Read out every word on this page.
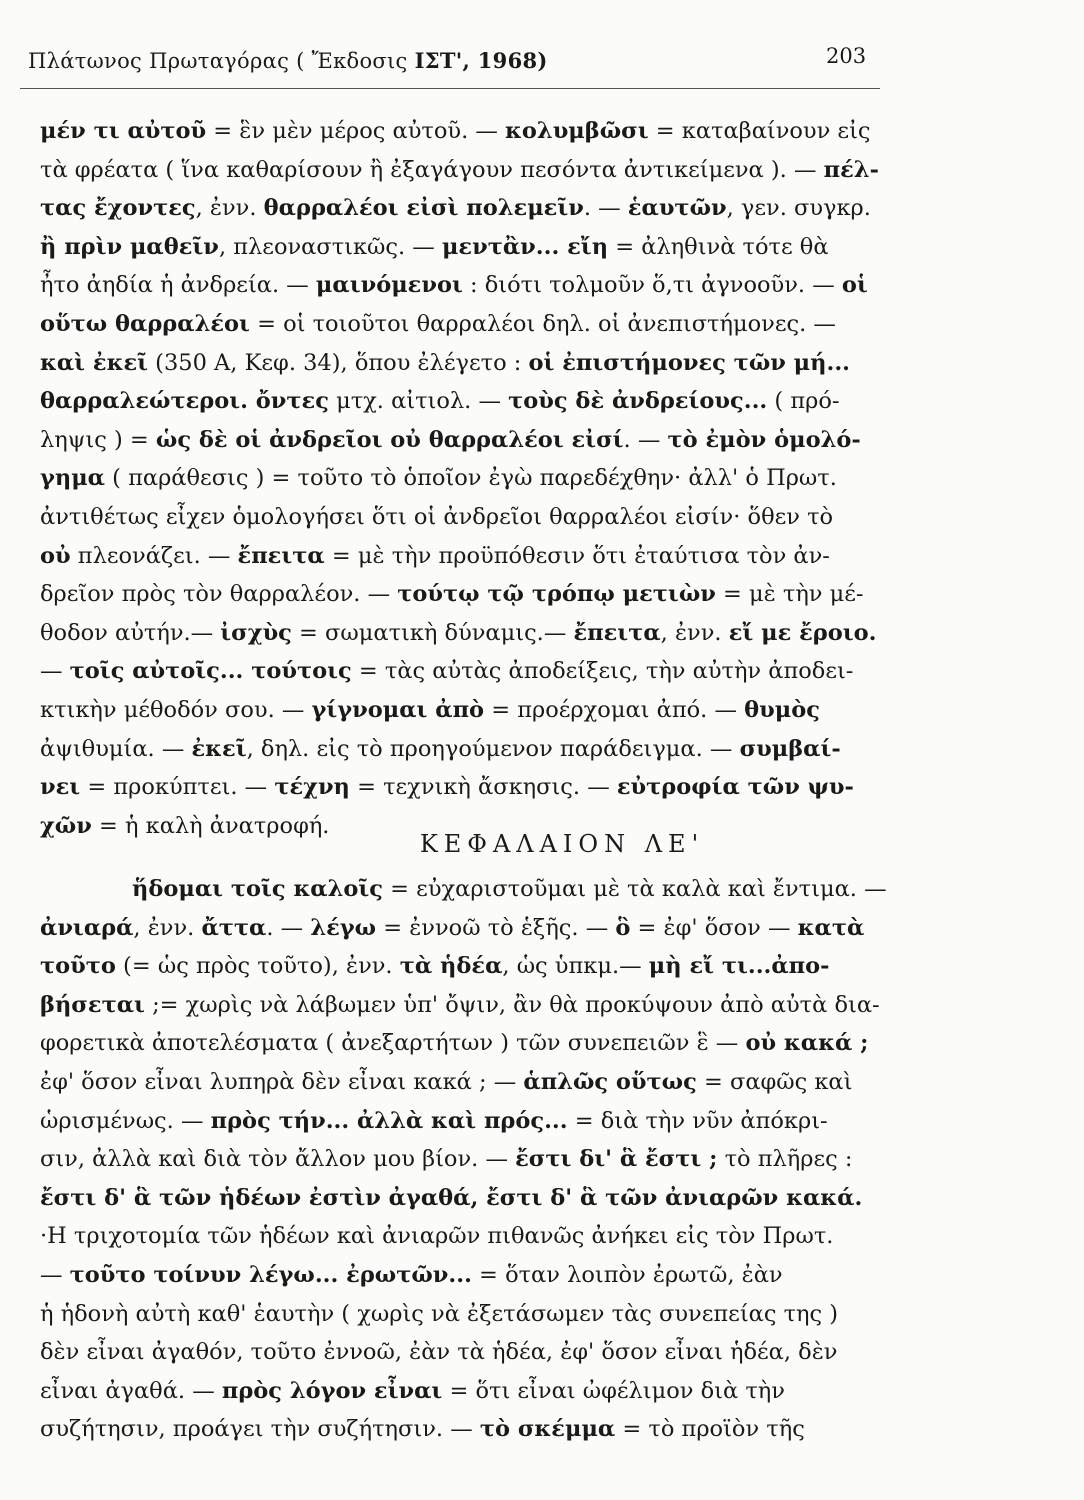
Πλάτωνος Πρωταγόρας ( Ἔκδοσις ΙΣΤ', 1968)	203
μέν τι αὐτοῦ = ἓν μὲν μέρος αὐτοῦ. — κολυμβῶσι = καταβαίνουν εἰς
τὰ φρέατα ( ἵνα καθαρίσουν ἢ ἐξαγάγουν πεσόντα ἀντικείμενα ). — πέλ-
τας ἔχοντες, ἐνν. θαρραλέοι εἰσὶ πολεμεῖν. — ἑαυτῶν, γεν. συγκρ.
ἢ πρὶν μαθεῖν, πλεοναστικῶς. — μεντἂν... εἴη = ἀληθινὰ τότε θὰ
ἦτο ἀηδία ἡ ἀνδρεία. — μαινόμενοι : διότι τολμοῦν ὅ,τι ἀγνοοῦν. — οἱ
οὕτω θαρραλέοι = οἱ τοιοῦτοι θαρραλέοι δηλ. οἱ ἀνεπιστήμονες. —
καὶ ἐκεῖ (350 Α, Κεφ. 34), ὅπου ἐλέγετο : οἱ ἐπιστήμονες τῶν μή...
θαρραλεώτεροι. ὄντες μτχ. αἰτιολ. — τοὺς δὲ ἀνδρείους... ( πρό-
ληψις ) = ὡς δὲ οἱ ἀνδρεῖοι οὐ θαρραλέοι εἰσί. — τὸ ἐμὸν ὁμολό-
γημα ( παράθεσις ) = τοῦτο τὸ ὁποῖον ἐγὼ παρεδέχθην· ἀλλ' ὁ Πρωτ.
ἀντιθέτως εἶχεν ὁμολογήσει ὅτι οἱ ἀνδρεῖοι θαρραλέοι εἰσίν· ὅθεν τὸ
οὐ πλεονάζει. — ἔπειτα = μὲ τὴν προϋπόθεσιν ὅτι ἐταύτισα τὸν ἀν-
δρεῖον πρὸς τὸν θαρραλέον. — τούτῳ τῷ τρόπῳ μετιὼν = μὲ τὴν μέ-
θοδον αὐτήν.— ἰσχὺς = σωματικὴ δύναμις.— ἔπειτα, ἐνν. εἴ με ἔροιο.
— τοῖς αὐτοῖς... τούτοις = τὰς αὐτὰς ἀποδείξεις, τὴν αὐτὴν ἀποδει-
κτικὴν μέθοδόν σου. — γίγνομαι ἀπὸ = προέρχομαι ἀπό. — θυμὸς
ἀψιθυμία. — ἐκεῖ, δηλ. εἰς τὸ προηγούμενον παράδειγμα. — συμβαί-
νει = προκύπτει. — τέχνη = τεχνικὴ ἄσκησις. — εὐτροφία τῶν ψυ-
χῶν = ἡ καλὴ ἀνατροφή.
ΚΕΦΑΛΑΙΟΝ ΛΕ'
ἥδομαι τοῖς καλοῖς = εὐχαριστοῦμαι μὲ τὰ καλὰ καὶ ἔντιμα. —
ἀνιαρά, ἐνν. ἄττα. — λέγω = ἐννοῶ τὸ ἑξῆς. — ὃ = ἐφ' ὅσον — κατὰ
τοῦτο (= ὡς πρὸς τοῦτο), ἐνν. τὰ ἡδέα, ὡς ὑπκμ.— μὴ εἴ τι...ἀπο-
βήσεται ;= χωρὶς νὰ λάβωμεν ὑπ' ὄψιν, ἂν θὰ προκύψουν ἀπὸ αὐτὰ δια-
φορετικὰ ἀποτελέσματα ( ἀνεξαρτήτων ) τῶν συνεπειῶν ἓ — οὐ κακά ;
ἐφ' ὅσον εἶναι λυπηρὰ δὲν εἶναι κακά ; — ἁπλῶς οὕτως = σαφῶς καὶ
ὡρισμένως. — πρὸς τήν... ἀλλὰ καὶ πρός... = διὰ τὴν νῦν ἀπόκρι-
σιν, ἀλλὰ καὶ διὰ τὸν ἄλλον μου βίον. — ἔστι δι' ἃ ἔστι ; τὸ πλῆρες :
ἔστι δ' ἃ τῶν ἡδέων ἐστὶν ἀγαθά, ἔστι δ' ἃ τῶν ἀνιαρῶν κακά.
·Η τριχοτομία τῶν ἡδέων καὶ ἀνιαρῶν πιθανῶς ἀνήκει εἰς τὸν Πρωτ.
— τοῦτο τοίνυν λέγω... ἐρωτῶν... = ὅταν λοιπὸν ἐρωτῶ, ἐὰν
ἡ ἡδονὴ αὐτὴ καθ' ἑαυτὴν ( χωρὶς νὰ ἐξετάσωμεν τὰς συνεπείας της )
δὲν εἶναι ἀγαθόν, τοῦτο ἐννοῶ, ἐὰν τὰ ἡδέα, ἐφ' ὅσον εἶναι ἡδέα, δὲν
εἶναι ἀγαθά. — πρὸς λόγον εἶναι = ὅτι εἶναι ὠφέλιμον διὰ τὴν
συζήτησιν, προάγει τὴν συζήτησιν. — τὸ σκέμμα = τὸ προϊὸν τῆς
